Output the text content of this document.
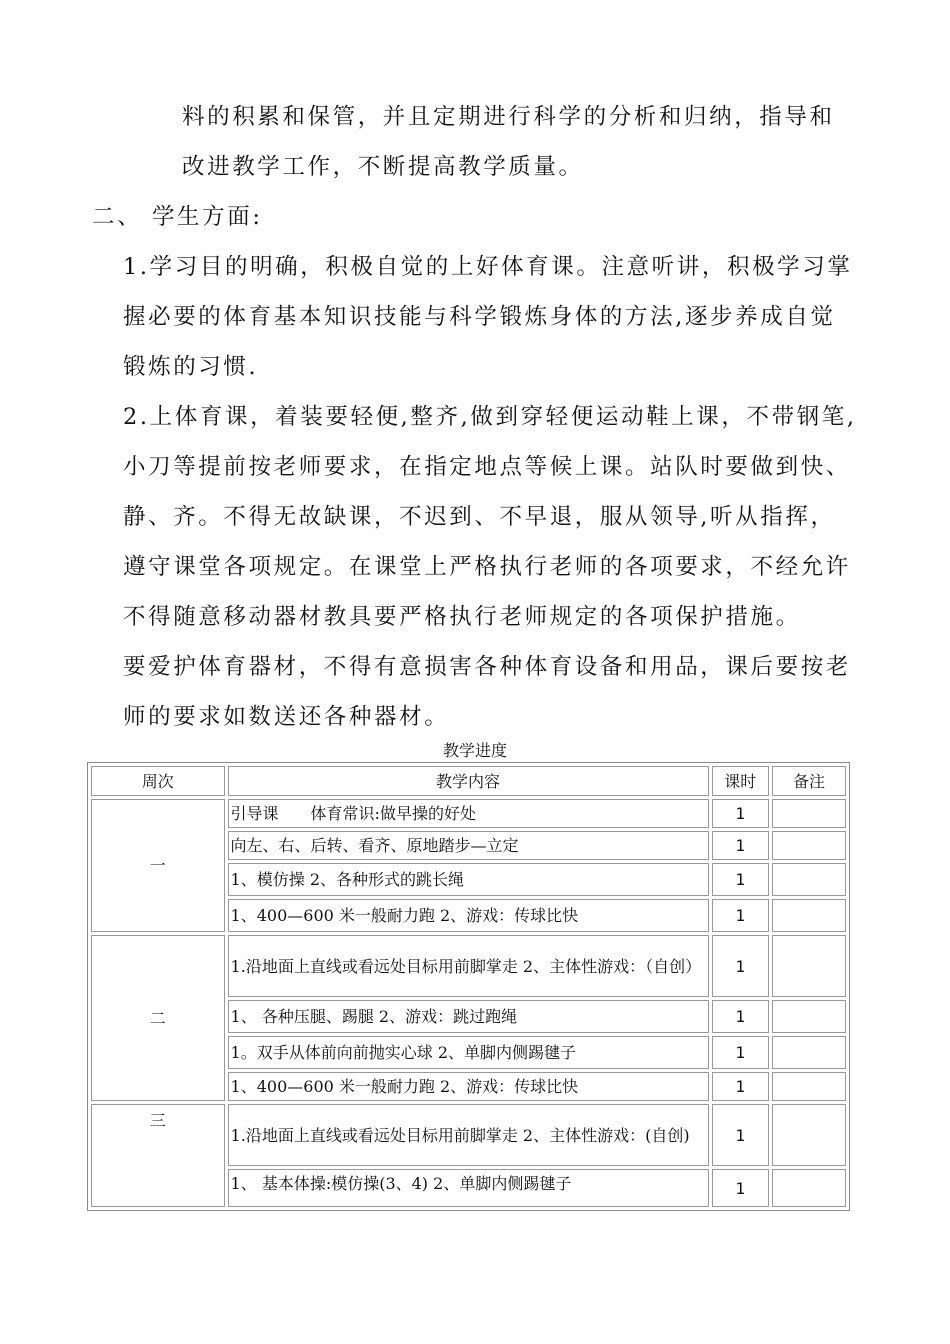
料的积累和保管，并且定期进行科学的分析和归纳，指导和
改进教学工作，不断提高教学质量。
二、 学生方面:
1.学习目的明确，积极自觉的上好体育课。注意听讲，积极学习掌
握必要的体育基本知识技能与科学锻炼身体的方法,逐步养成自觉
锻炼的习惯.
2.上体育课，着装要轻便,整齐,做到穿轻便运动鞋上课，不带钢笔,
小刀等提前按老师要求，在指定地点等候上课。站队时要做到快、
静、齐。不得无故缺课，不迟到、不早退，服从领导,听从指挥，
遵守课堂各项规定。在课堂上严格执行老师的各项要求，不经允许
不得随意移动器材教具要严格执行老师规定的各项保护措施。
要爱护体育器材，不得有意损害各种体育设备和用品，课后要按老
师的要求如数送还各种器材。
教学进度
周次	教学内容	课时	备注
一	引导课　　体育常识:做早操的好处	1	
	向左、右、后转、看齐、原地踏步—立定	1	
	1、模仿操 2、各种形式的跳长绳	1	
	1、400—600 米一般耐力跑 2、游戏：传球比快	1	
二	1.沿地面上直线或看远处目标用前脚掌走 2、主体性游戏：（自创）	1	
	1、 各种压腿、踢腿 2、游戏：跳过跑绳	1	
	1。双手从体前向前抛实心球 2、单脚内侧踢毽子	1	
	1、400—600 米一般耐力跑 2、游戏：传球比快	1	
三	1.沿地面上直线或看远处目标用前脚掌走 2、主体性游戏：(自创)	1	
	1、 基本体操:模仿操(3、4) 2、单脚内侧踢毽子	1	
